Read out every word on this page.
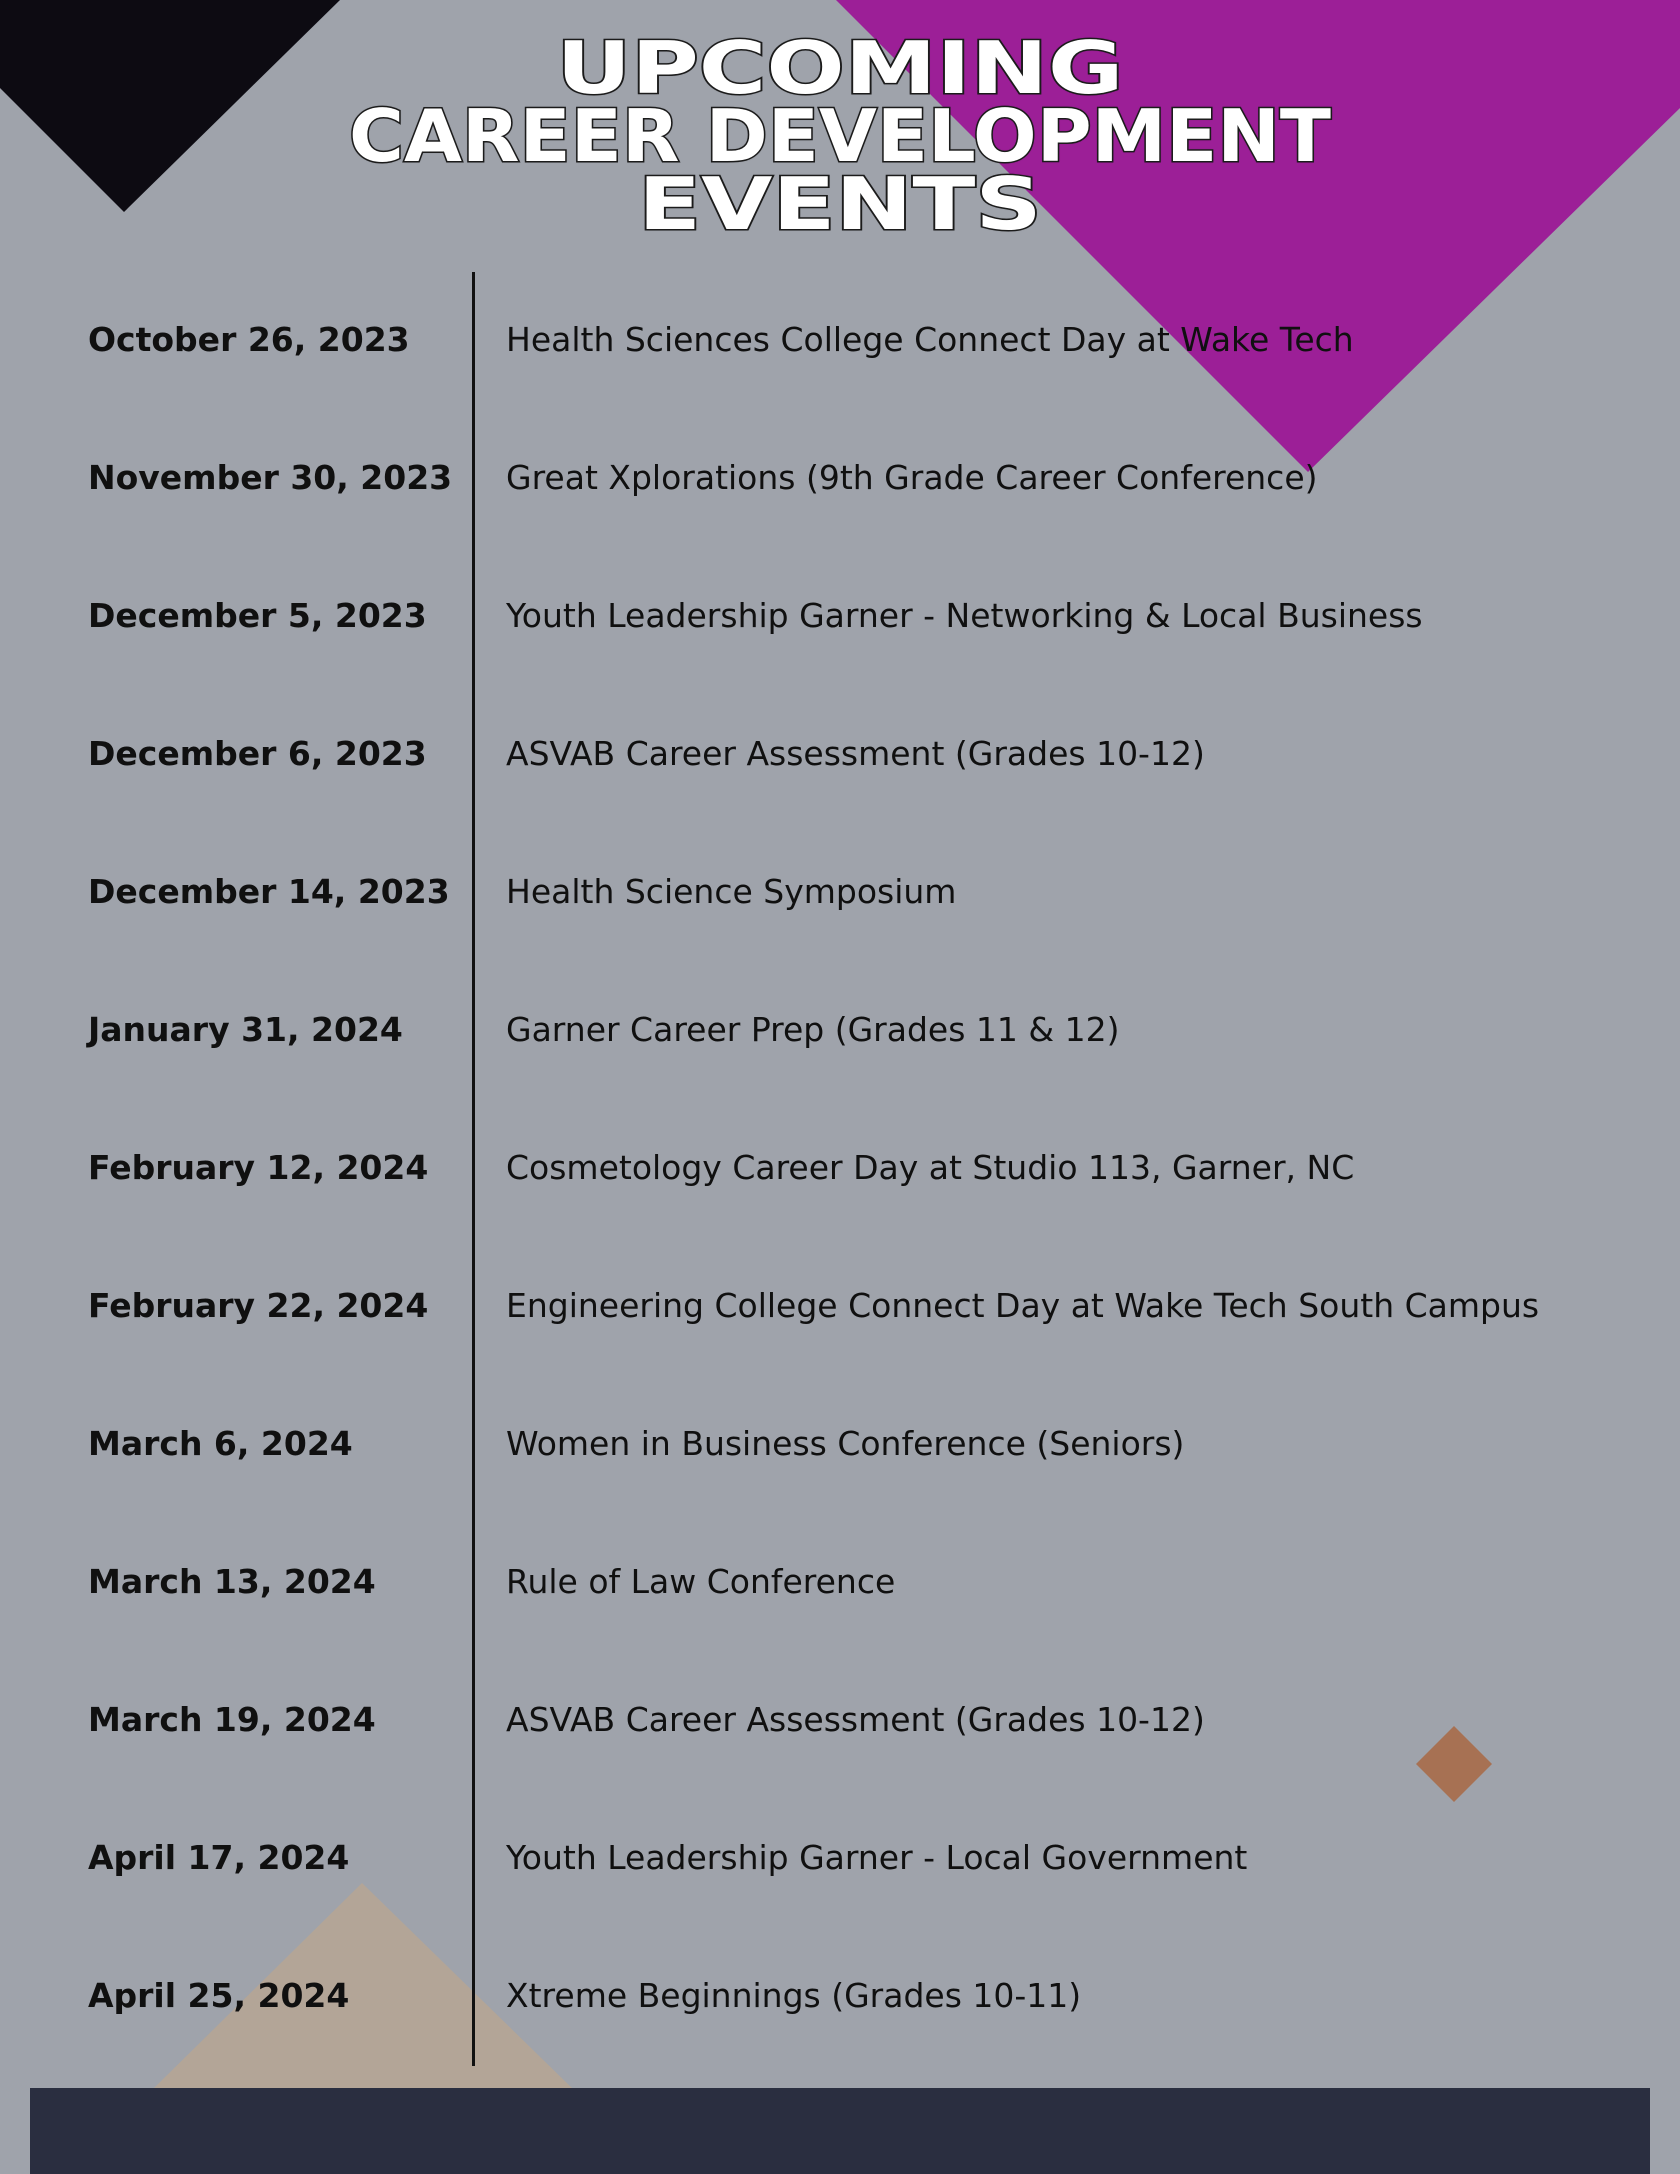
UPCOMING
CAREER DEVELOPMENT
EVENTS
October 26, 2023	Health Sciences College Connect Day at Wake Tech
November 30, 2023 Great Xplorations (9th Grade Career Conference)
December 5, 2023 Youth Leadership Garner - Networking & Local Business
December 6, 2023 ASVAB Career Assessment (Grades 10-12)
December 14, 2023 Health Science Symposium
January 31, 2024	Garner Career Prep (Grades 11 & 12)
February 12, 2024 Cosmetology Career Day at Studio 113, Garner, NC
February 22, 2024 Engineering College Connect Day at Wake Tech South Campus
March 6, 2024	Women in Business Conference (Seniors)
March 13, 2024	Rule of Law Conference
March 19, 2024	ASVAB Career Assessment (Grades 10-12)
April 17, 2024	Youth Leadership Garner - Local Government
April 25, 2024	Xtreme Beginnings (Grades 10-11)
